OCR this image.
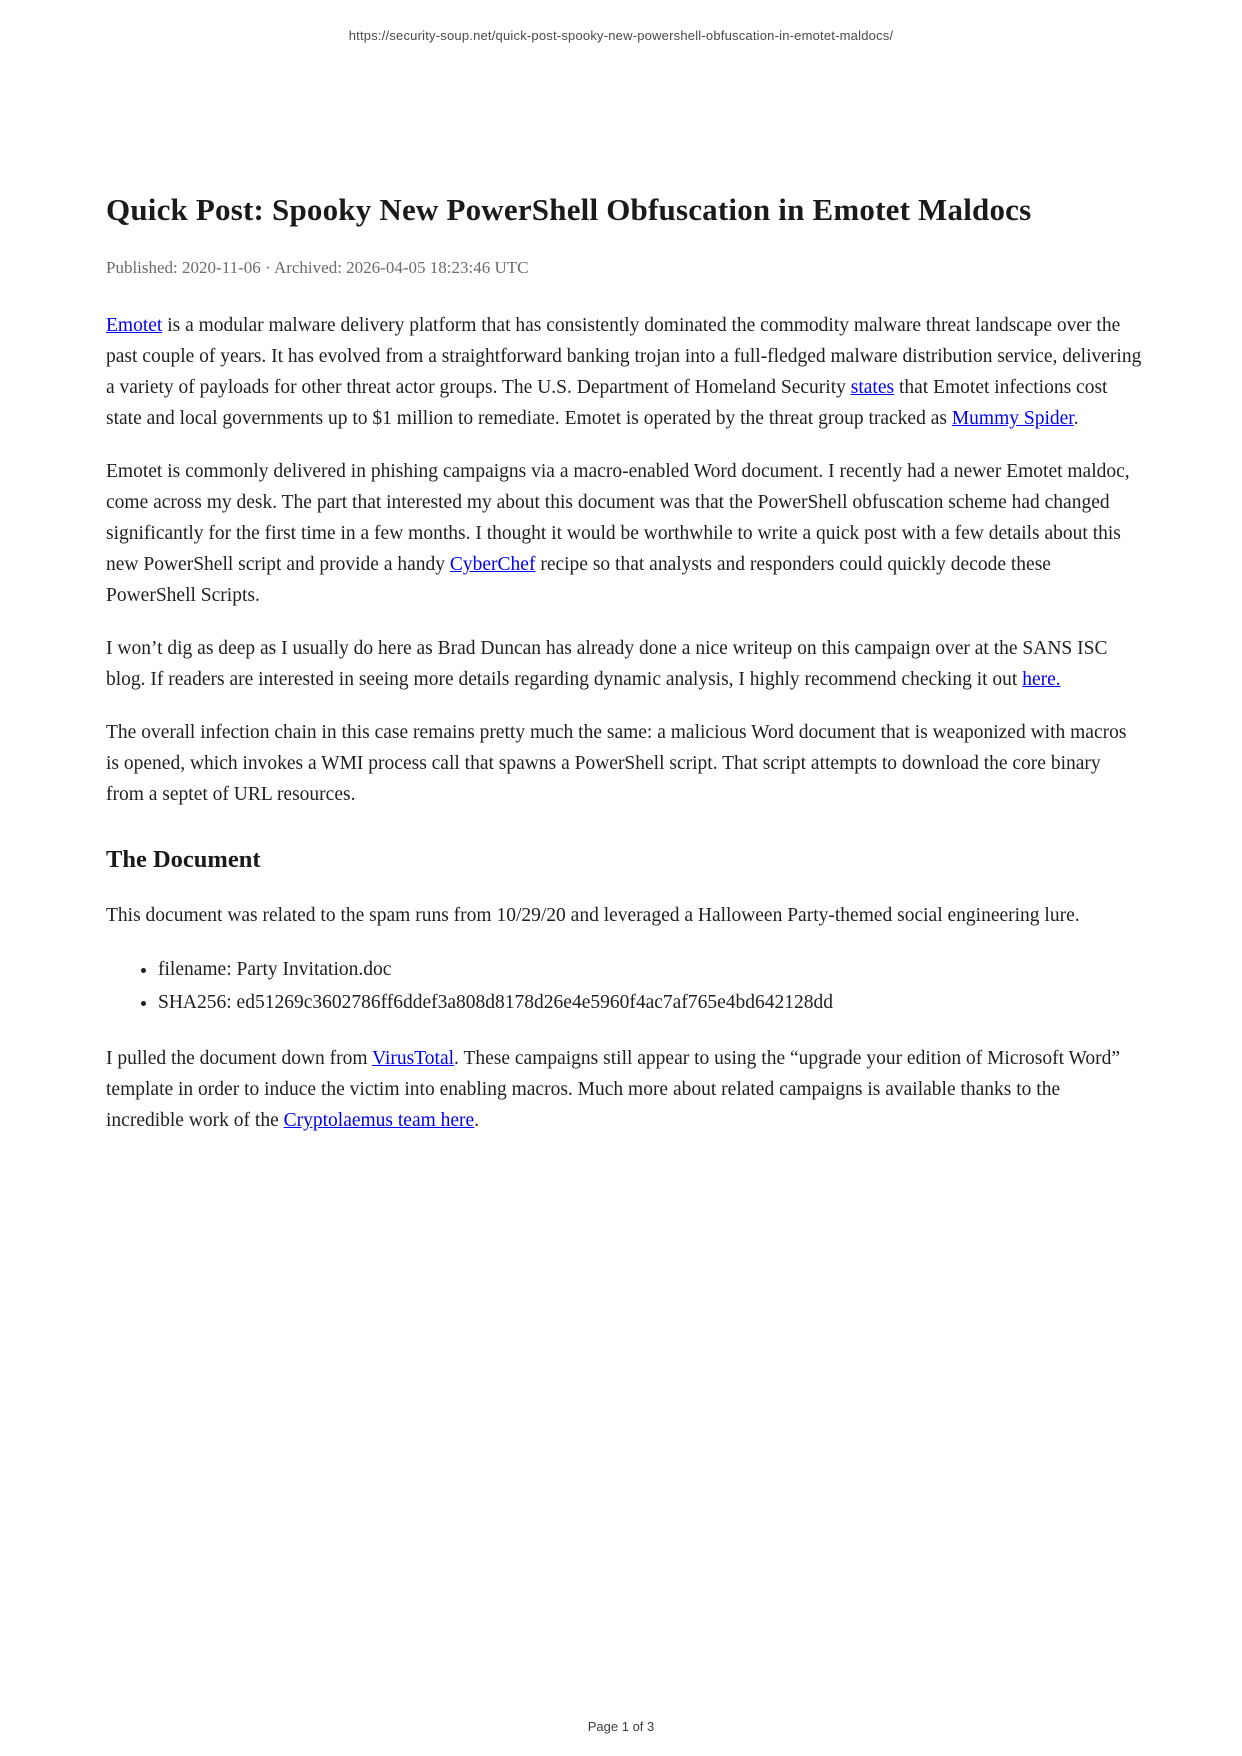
https://security-soup.net/quick-post-spooky-new-powershell-obfuscation-in-emotet-maldocs/
Quick Post: Spooky New PowerShell Obfuscation in Emotet Maldocs
Published: 2020-11-06 · Archived: 2026-04-05 18:23:46 UTC

Emotet is a modular malware delivery platform that has consistently dominated the commodity malware threat landscape over the past couple of years. It has evolved from a straightforward banking trojan into a full-fledged malware distribution service, delivering a variety of payloads for other threat actor groups. The U.S. Department of Homeland Security states that Emotet infections cost state and local governments up to $1 million to remediate. Emotet is operated by the threat group tracked as Mummy Spider.

Emotet is commonly delivered in phishing campaigns via a macro-enabled Word document. I recently had a newer Emotet maldoc, come across my desk. The part that interested my about this document was that the PowerShell obfuscation scheme had changed significantly for the first time in a few months. I thought it would be worthwhile to write a quick post with a few details about this new PowerShell script and provide a handy CyberChef recipe so that analysts and responders could quickly decode these PowerShell Scripts.

I won’t dig as deep as I usually do here as Brad Duncan has already done a nice writeup on this campaign over at the SANS ISC blog. If readers are interested in seeing more details regarding dynamic analysis, I highly recommend checking it out here.

The overall infection chain in this case remains pretty much the same: a malicious Word document that is weaponized with macros is opened, which invokes a WMI process call that spawns a PowerShell script. That script attempts to download the core binary from a septet of URL resources.

The Document

This document was related to the spam runs from 10/29/20 and leveraged a Halloween Party-themed social engineering lure.

• filename: Party Invitation.doc
• SHA256: ed51269c3602786ff6ddef3a808d8178d26e4e5960f4ac7af765e4bd642128dd

I pulled the document down from VirusTotal. These campaigns still appear to using the “upgrade your edition of Microsoft Word” template in order to induce the victim into enabling macros. Much more about related campaigns is available thanks to the incredible work of the Cryptolaemus team here.

Page 1 of 3
